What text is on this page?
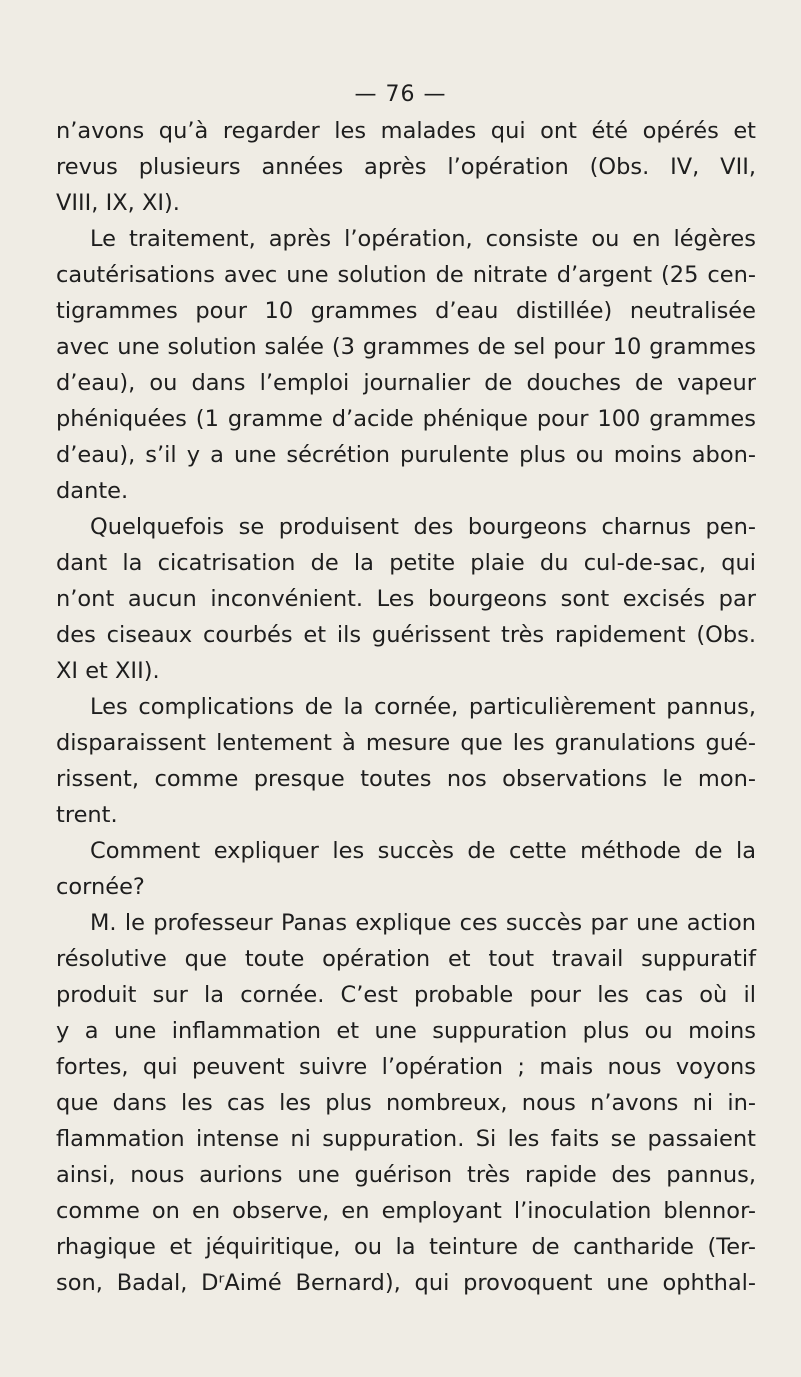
— 76 —

n’avons qu’à regarder les malades qui ont été opérés et

revus plusieurs années après l’opération (Obs. IV, VII,

VIII, IX, XI).

Le traitement, après l’opération, consiste ou en légères

cautérisations avec une solution de nitrate d’argent (25 cen-

tigrammes pour 10 grammes d’eau distillée) neutralisée

avec une solution salée (3 grammes de sel pour 10 grammes

d’eau), ou dans l’emploi journalier de douches de vapeur

phéniquées (1 gramme d’acide phénique pour 100 grammes

d’eau), s’il y a une sécrétion purulente plus ou moins abon-

dante.

Quelquefois se produisent des bourgeons charnus pen-

dant la cicatrisation de la petite plaie du cul-de-sac, qui

n’ont aucun inconvénient. Les bourgeons sont excisés par

des ciseaux courbés et ils guérissent très rapidement (Obs.

XI et XII).

Les complications de la cornée, particulièrement pannus,

disparaissent lentement à mesure que les granulations gué-

rissent, comme presque toutes nos observations le mon-

trent.

Comment expliquer les succès de cette méthode de la

cornée?

M. le professeur Panas explique ces succès par une action

résolutive que toute opération et tout travail suppuratif

produit sur la cornée. C’est probable pour les cas où il

y a une inflammation et une suppuration plus ou moins

fortes, qui peuvent suivre l’opération ; mais nous voyons

que dans les cas les plus nombreux, nous n’avons ni in-

flammation intense ni suppuration. Si les faits se passaient

ainsi, nous aurions une guérison très rapide des pannus,

comme on en observe, en employant l’inoculation blennor-

rhagique et jéquiritique, ou la teinture de cantharide (Ter-

son, Badal, DʳAimé Bernard), qui provoquent une ophthal-
